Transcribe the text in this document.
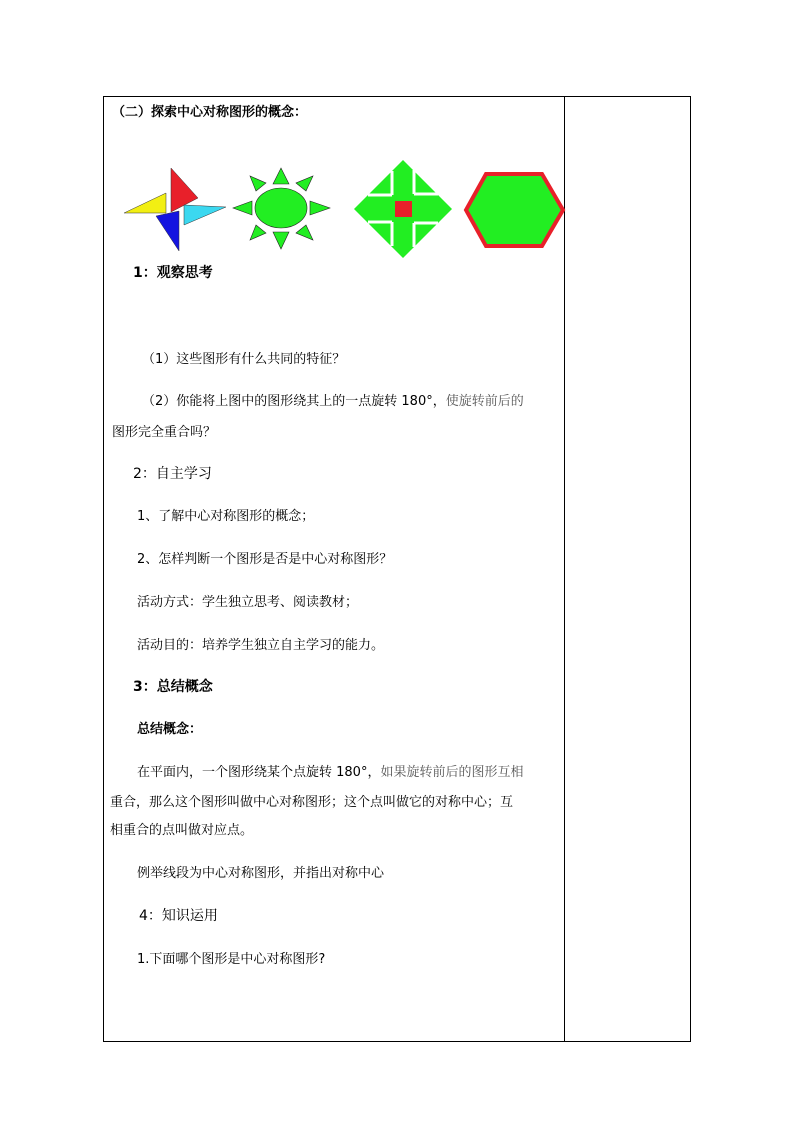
（二）探索中心对称图形的概念：
1：观察思考
（1）这些图形有什么共同的特征？
（2）你能将上图中的图形绕其上的一点旋转 180°，使旋转前后的
图形完全重合吗？
2：自主学习
1、了解中心对称图形的概念；
2、怎样判断一个图形是否是中心对称图形？
活动方式：学生独立思考、阅读教材；
活动目的：培养学生独立自主学习的能力。
3：总结概念
总结概念：
在平面内，一个图形绕某个点旋转 180°，如果旋转前后的图形互相
重合，那么这个图形叫做中心对称图形；这个点叫做它的对称中心；互
相重合的点叫做对应点。
例举线段为中心对称图形，并指出对称中心
4：知识运用
1.下面哪个图形是中心对称图形?
